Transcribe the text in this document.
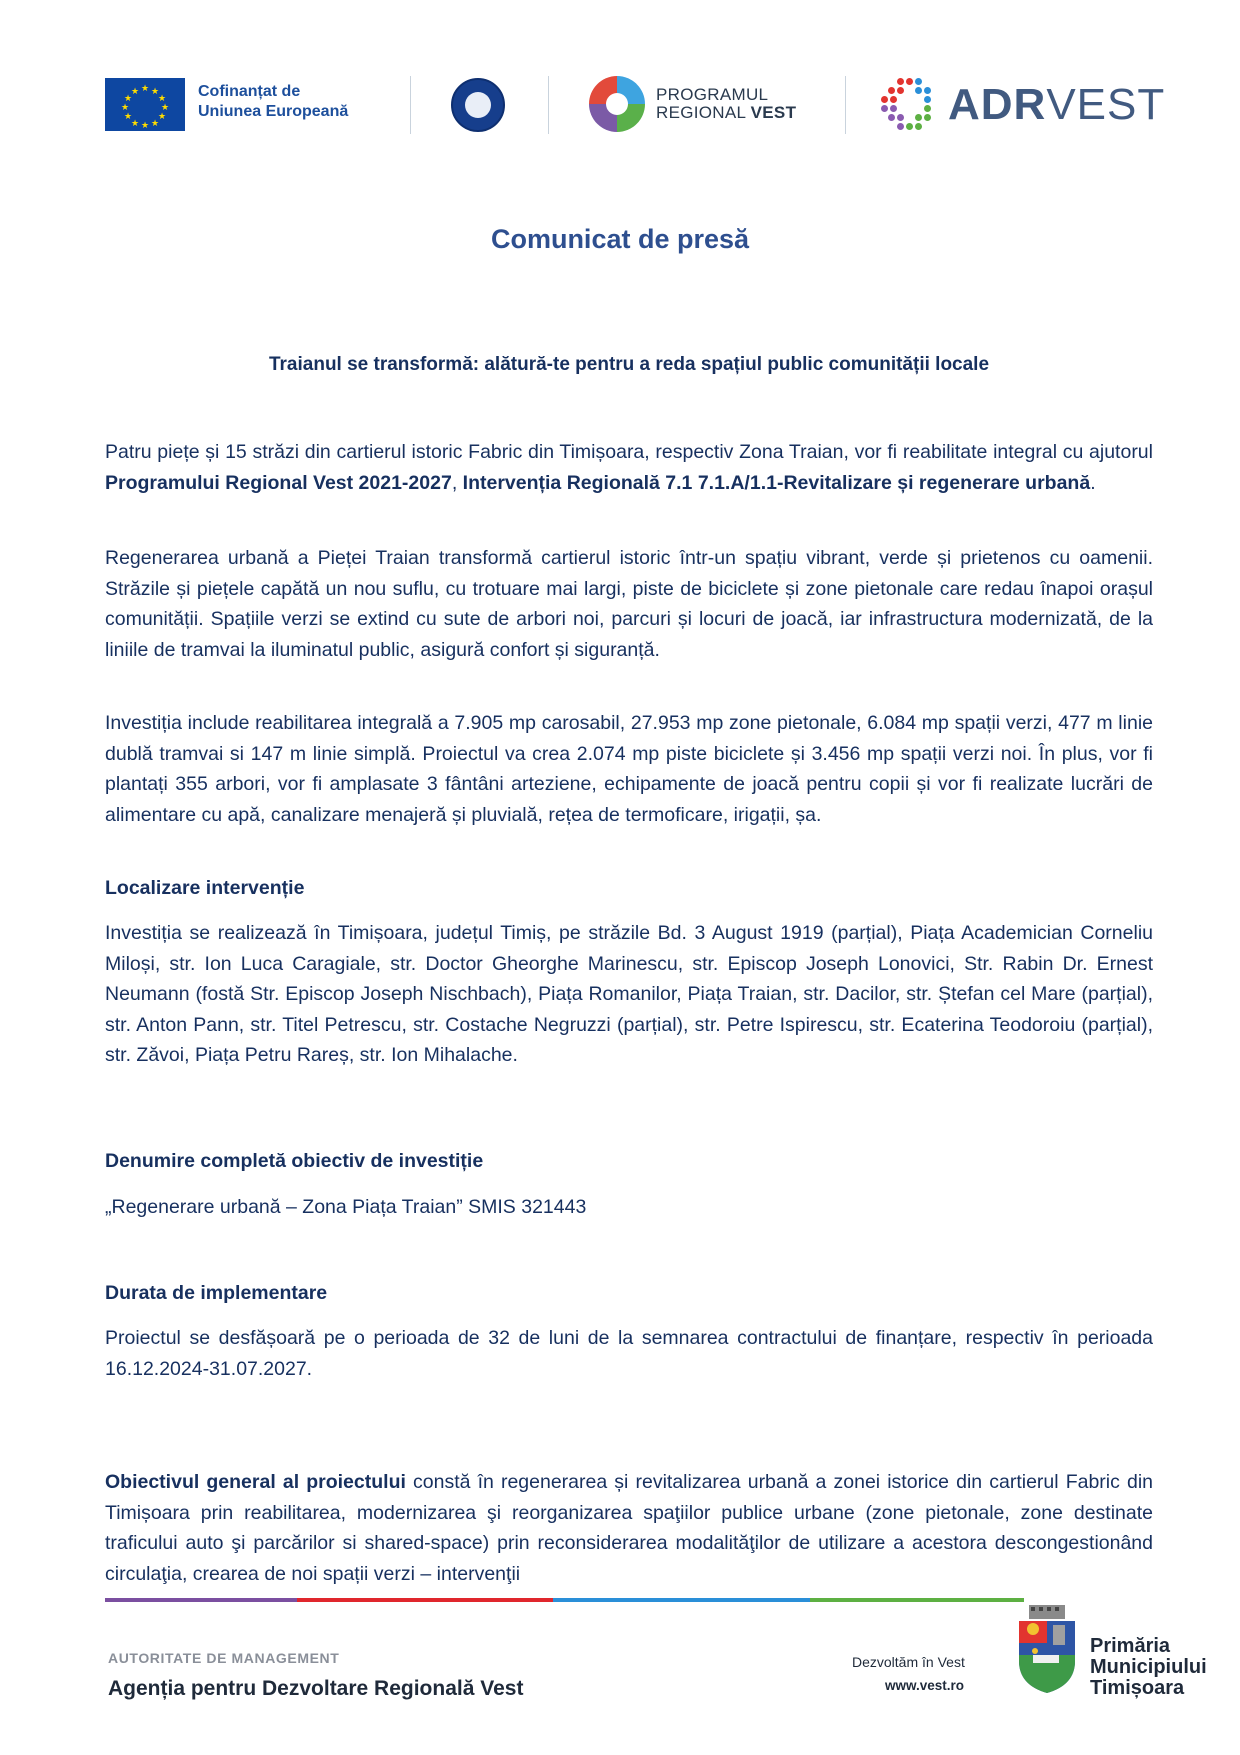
★ ★
★
★
★
★
★
★
★
★
★
★	Cofinanțat de
Uniunea Europeană
PROGRAMUL
REGIONAL VEST	ADRVEST
Comunicat de presă
Traianul se transformă: alătură-te pentru a reda spațiul public comunității locale
Patru piețe și 15 străzi din cartierul istoric Fabric din Timișoara, respectiv Zona Traian, vor fi reabilitate integral cu ajutorul Programului Regional Vest 2021-2027, Intervenția Regională 7.1 7.1.A/1.1-Revitalizare și regenerare urbană.
Regenerarea urbană a Pieței Traian transformă cartierul istoric într-un spațiu vibrant, verde și prietenos cu oamenii. Străzile și piețele capătă un nou suflu, cu trotuare mai largi, piste de biciclete și zone pietonale care redau înapoi orașul comunității. Spațiile verzi se extind cu sute de arbori noi, parcuri și locuri de joacă, iar infrastructura modernizată, de la liniile de tramvai la iluminatul public, asigură confort și siguranță.
Investiția include reabilitarea integrală a 7.905 mp carosabil, 27.953 mp zone pietonale, 6.084 mp spații verzi, 477 m linie dublă tramvai si 147 m linie simplă. Proiectul va crea 2.074 mp piste biciclete și 3.456 mp spații verzi noi. În plus, vor fi plantați 355 arbori, vor fi amplasate 3 fântâni arteziene, echipamente de joacă pentru copii și vor fi realizate lucrări de alimentare cu apă, canalizare menajeră și pluvială, rețea de termoficare, irigații, șa.
Localizare intervenție
Investiția se realizează în Timișoara, județul Timiș, pe străzile Bd. 3 August 1919 (parțial), Piața Academician Corneliu Miloși, str. Ion Luca Caragiale, str. Doctor Gheorghe Marinescu, str. Episcop Joseph Lonovici, Str. Rabin Dr. Ernest Neumann (fostă Str. Episcop Joseph Nischbach), Piața Romanilor, Piața Traian, str. Dacilor, str. Ștefan cel Mare (parțial), str. Anton Pann, str. Titel Petrescu, str. Costache Negruzzi (parțial), str. Petre Ispirescu, str. Ecaterina Teodoroiu (parțial), str. Zăvoi, Piața Petru Rareș, str. Ion Mihalache.
Denumire completă obiectiv de investiție
„Regenerare urbană – Zona Piața Traian” SMIS 321443
Durata de implementare
Proiectul se desfășoară pe o perioada de 32 de luni de la semnarea contractului de finanțare, respectiv în perioada 16.12.2024-31.07.2027.
Obiectivul general al proiectului constă în regenerarea și revitalizarea urbană a zonei istorice din cartierul Fabric din Timișoara prin reabilitarea, modernizarea şi reorganizarea spaţiilor publice urbane (zone pietonale, zone destinate traficului auto şi parcărilor si shared-space) prin reconsiderarea modalităţilor de utilizare a acestora descongestionând circulaţia, crearea de noi spații verzi – intervenţii
AUTORITATE DE MANAGEMENT
Agenția pentru Dezvoltare Regională Vest
Dezvoltăm în Vest
www.vest.ro
Primăria
Municipiului
Timișoara
